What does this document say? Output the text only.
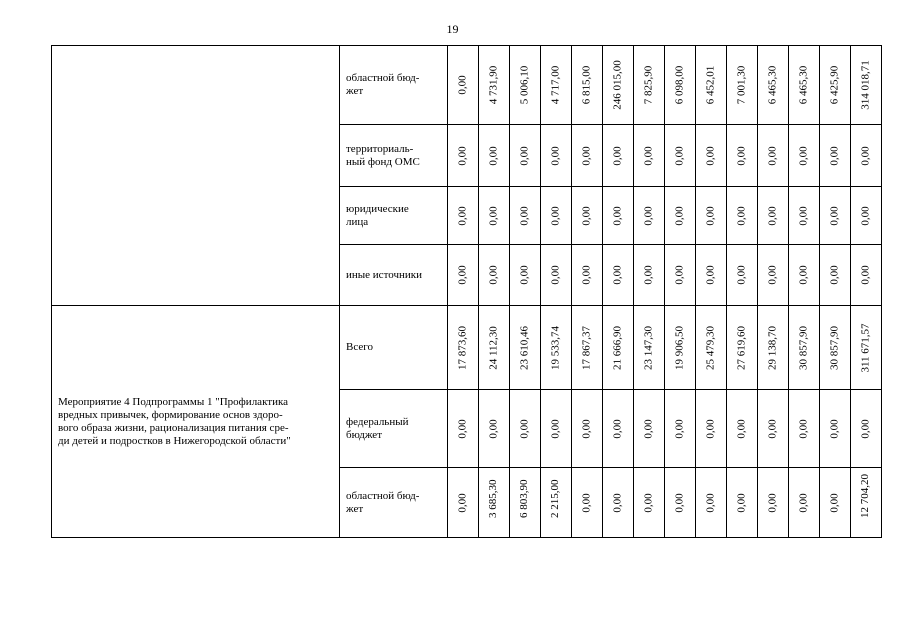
19

	областной бюд-
жет	0,00	4 731,90	5 006,10	4 717,00	6 815,00	246 015,00	7 825,90	6 098,00	6 452,01	7 001,30	6 465,30	6 465,30	6 425,90	314 018,71

	территориаль-
ный фонд ОМС	0,00	0,00	0,00	0,00	0,00	0,00	0,00	0,00	0,00	0,00	0,00	0,00	0,00	0,00

	юридические
лица	0,00	0,00	0,00	0,00	0,00	0,00	0,00	0,00	0,00	0,00	0,00	0,00	0,00	0,00

	иные источники	0,00	0,00	0,00	0,00	0,00	0,00	0,00	0,00	0,00	0,00	0,00	0,00	0,00	0,00

Мероприятие 4 Подпрограммы 1 "Профилактика
вредных привычек, формирование основ здоро-
вого образа жизни, рационализация питания сре-
ди детей и подростков в Нижегородской области"	Всего	17 873,60	24 112,30	23 610,46	19 533,74	17 867,37	21 666,90	23 147,30	19 906,50	25 479,30	27 619,60	29 138,70	30 857,90	30 857,90	311 671,57

	федеральный
бюджет	0,00	0,00	0,00	0,00	0,00	0,00	0,00	0,00	0,00	0,00	0,00	0,00	0,00	0,00

	областной бюд-
жет	0,00	3 685,30	6 803,90	2 215,00	0,00	0,00	0,00	0,00	0,00	0,00	0,00	0,00	0,00	12 704,20
